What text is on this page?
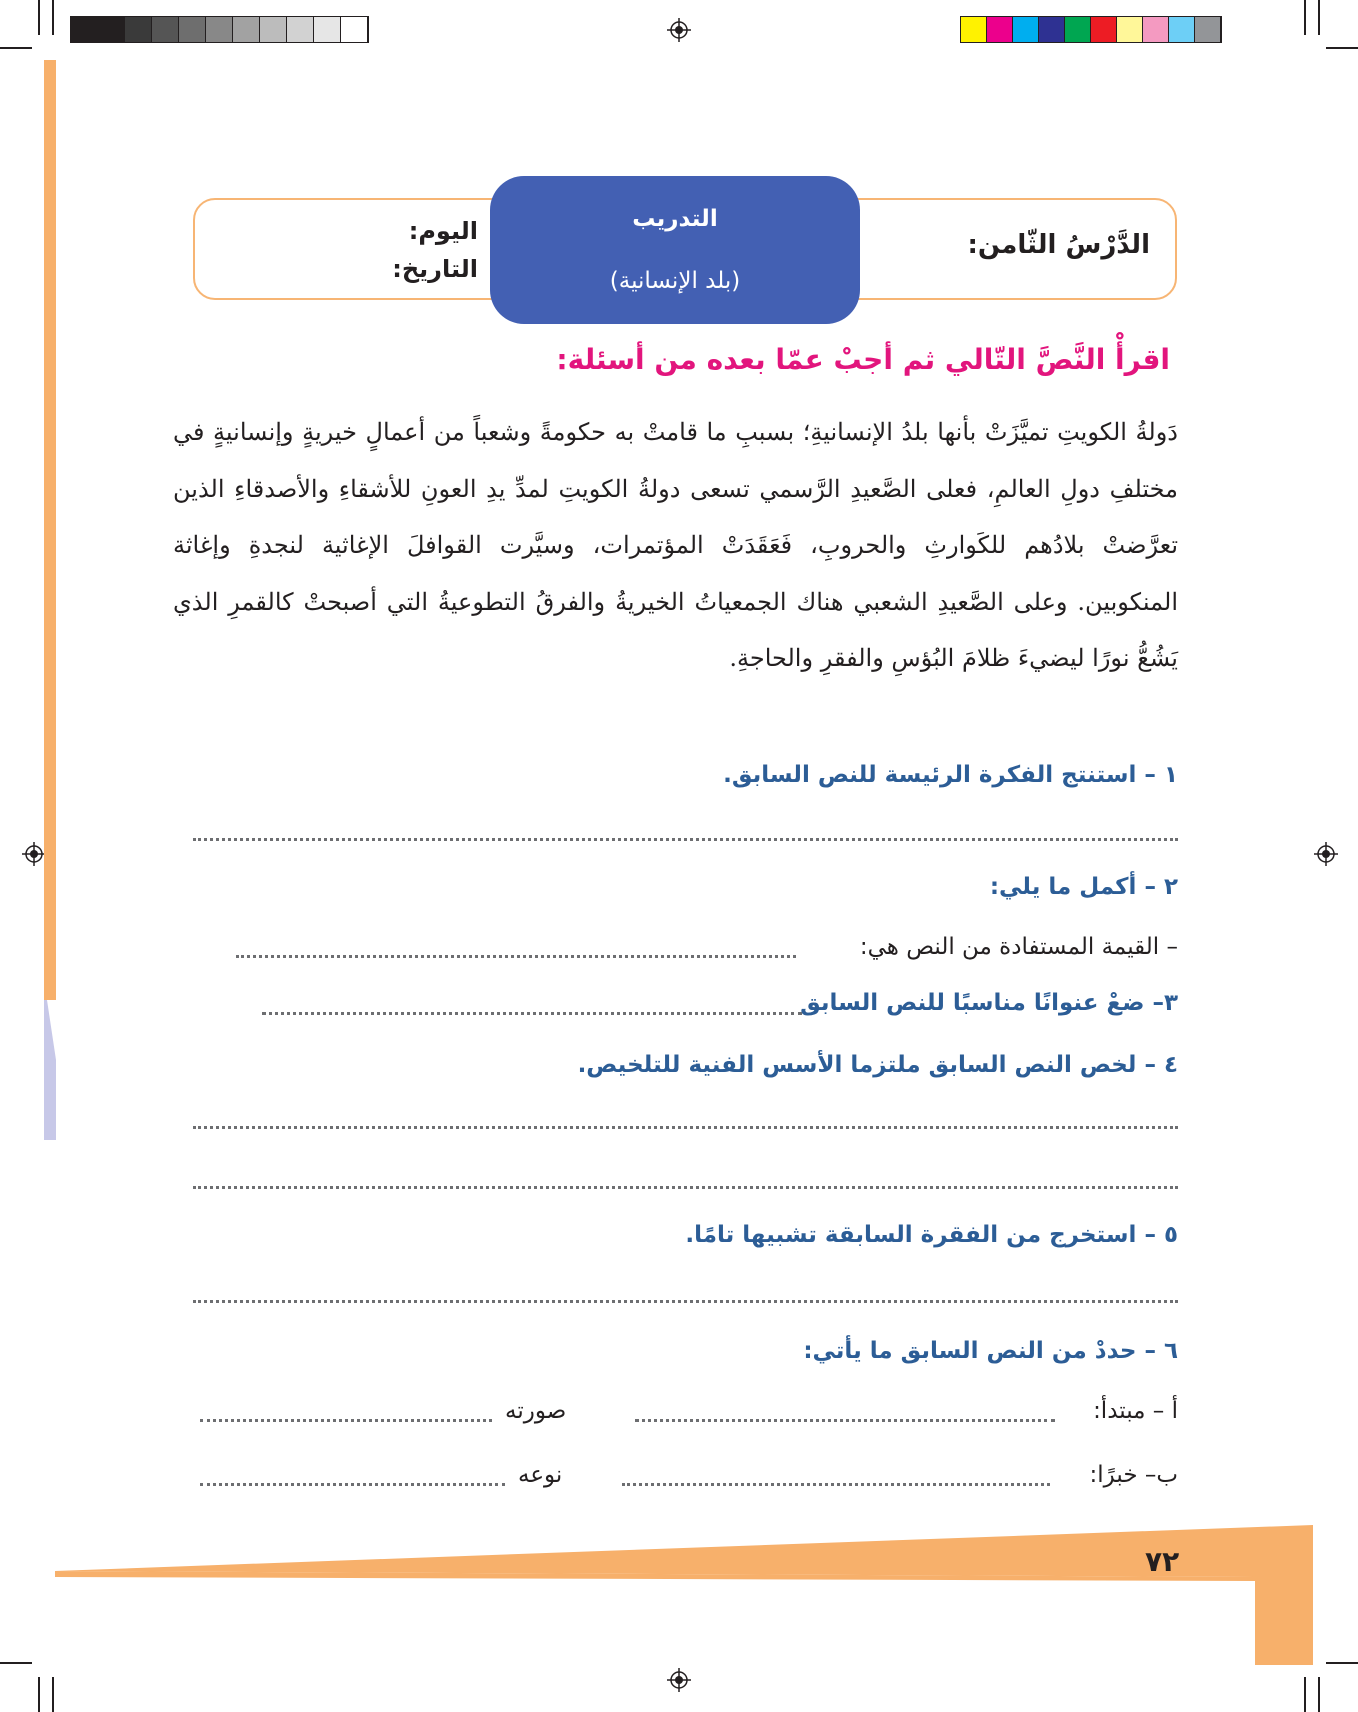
التدريب
(بلد الإنسانية)
الدَّرْسُ الثّامن:
اليوم:
التاريخ:
اقرأْ النَّصَّ التّالي ثم أجبْ عمّا بعده من أسئلة:
دَولةُ الكويتِ تميَّزَتْ بأنها بلدُ الإنسانيةِ؛ بسببِ ما قامتْ به حكومةً وشعباً من أعمالٍ خيريةٍ وإنسانيةٍ في مختلفِ دولِ العالمِ، فعلى الصَّعيدِ الرَّسمي تسعى دولةُ الكويتِ لمدِّ يدِ العونِ للأشقاءِ والأصدقاءِ الذين تعرَّضتْ بلادُهم للكَوارثِ والحروبِ، فَعَقَدَتْ المؤتمرات، وسيَّرت القوافلَ الإغاثية لنجدةِ وإغاثة المنكوبين. وعلى الصَّعيدِ الشعبي هناك الجمعياتُ الخيريةُ والفرقُ التطوعيةُ التي أصبحتْ كالقمرِ الذي يَشُعُّ نورًا ليضيءَ ظلامَ البُؤسِ والفقرِ والحاجةِ.
١ – استنتج الفكرة الرئيسة للنص السابق.
٢ – أكمل ما يلي:
– القيمة المستفادة من النص هي:
٣– ضعْ عنوانًا مناسبًا للنص السابق
٤ – لخص النص السابق ملتزما الأسس الفنية للتلخيص.
٥ – استخرج من الفقرة السابقة تشبيها تامًا.
٦ – حددْ من النص السابق ما يأتي:
أ – مبتدأ:
صورته
ب– خبرًا:
نوعه
٧٢
